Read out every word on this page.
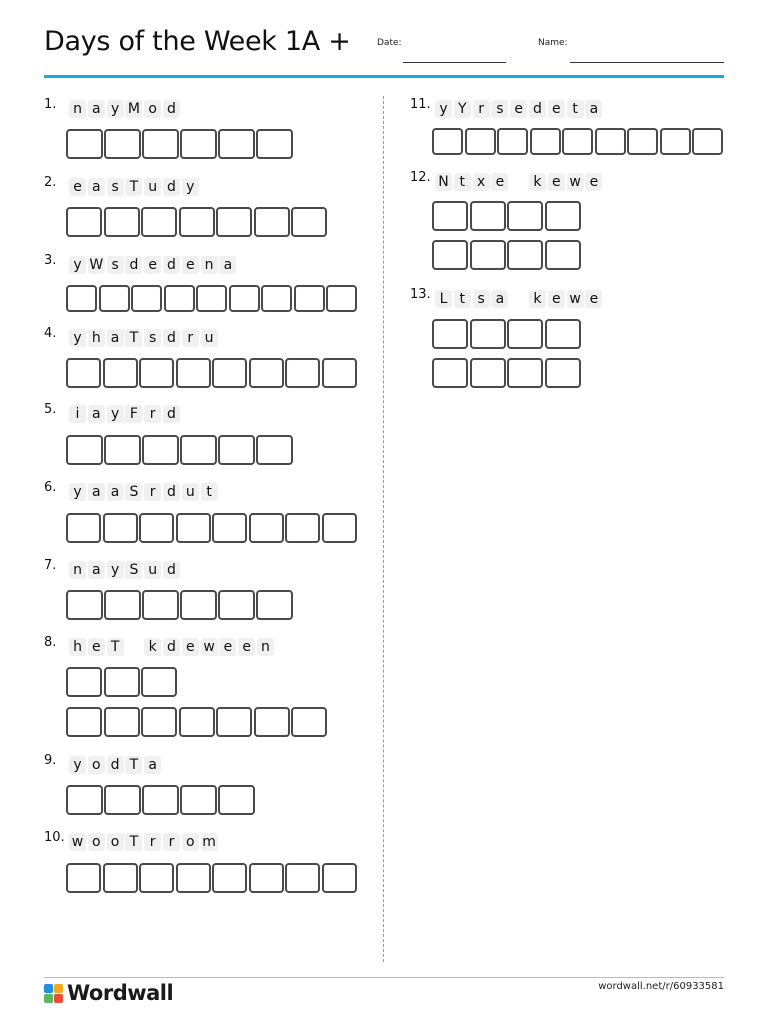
Days of the Week 1A +	Date:	Name:
1. n a y M o d
2. e a s T u d y
3.	y W s d e d e n a
4.	y h a T s d r u
5.	i a y F r d
6.	y a a S r d u t
7. n a y S u d
8. h e T	k d e w e e n
9.	y o d T a
10. w o o T r r o m
11. y Y r s e d e t a
12. N t x e	k e w e
13. L t s a	k e w e
Wordwall	wordwall.net/r/60933581
